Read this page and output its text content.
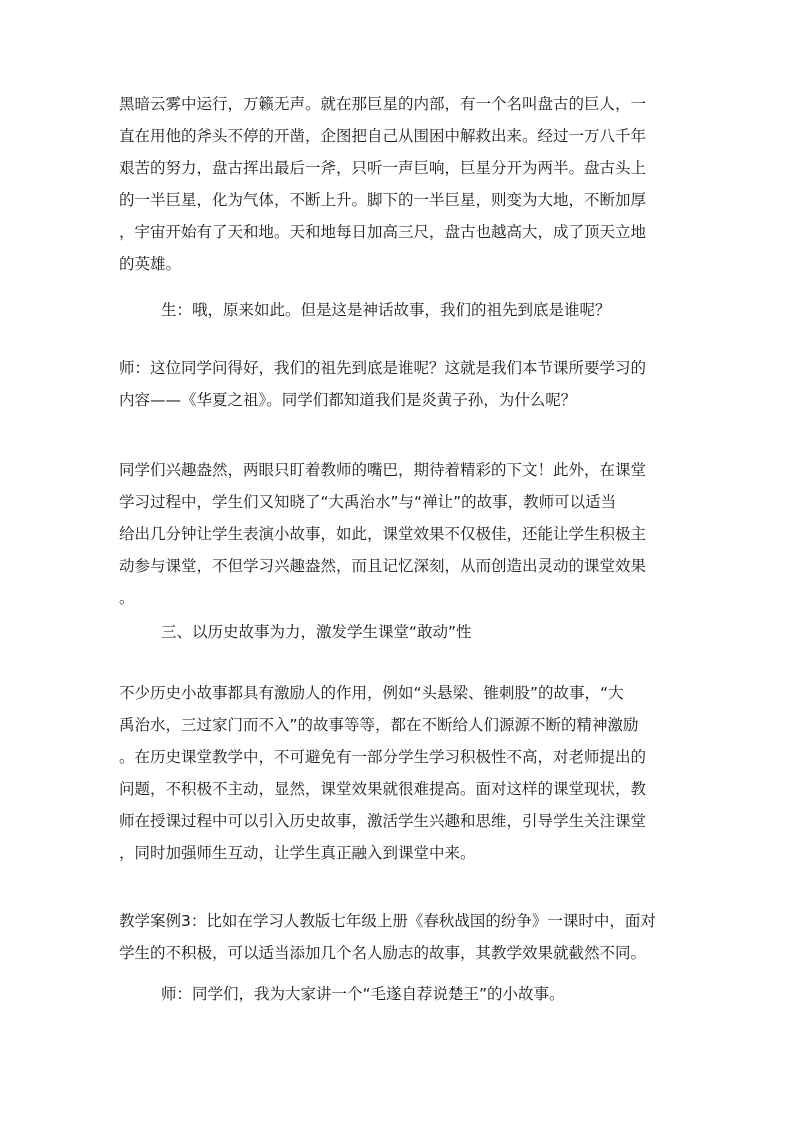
黑暗云雾中运行，万籁无声。就在那巨星的内部，有一个名叫盘古的巨人，一
直在用他的斧头不停的开凿，企图把自己从围困中解救出来。经过一万八千年
艰苦的努力，盘古挥出最后一斧，只听一声巨响，巨星分开为两半。盘古头上
的一半巨星，化为气体，不断上升。脚下的一半巨星，则变为大地，不断加厚
，宇宙开始有了天和地。天和地每日加高三尺，盘古也越高大，成了顶天立地
的英雄。
生：哦，原来如此。但是这是神话故事，我们的祖先到底是谁呢？
师：这位同学问得好，我们的祖先到底是谁呢？这就是我们本节课所要学习的
内容——《华夏之祖》。同学们都知道我们是炎黄子孙，为什么呢？
同学们兴趣盎然，两眼只盯着教师的嘴巴，期待着精彩的下文！此外，在课堂
学习过程中，学生们又知晓了“大禹治水”与“禅让”的故事，教师可以适当
给出几分钟让学生表演小故事，如此，课堂效果不仅极佳，还能让学生积极主
动参与课堂，不但学习兴趣盎然，而且记忆深刻，从而创造出灵动的课堂效果
。
三、以历史故事为力，激发学生课堂“敢动”性
不少历史小故事都具有激励人的作用，例如“头悬梁、锥刺股”的故事，“大
禹治水，三过家门而不入”的故事等等，都在不断给人们源源不断的精神激励
。在历史课堂教学中，不可避免有一部分学生学习积极性不高，对老师提出的
问题，不积极不主动，显然，课堂效果就很难提高。面对这样的课堂现状，教
师在授课过程中可以引入历史故事，激活学生兴趣和思维，引导学生关注课堂
，同时加强师生互动，让学生真正融入到课堂中来。
教学案例3：比如在学习人教版七年级上册《春秋战国的纷争》一课时中，面对
学生的不积极，可以适当添加几个名人励志的故事，其教学效果就截然不同。
师：同学们，我为大家讲一个“毛遂自荐说楚王”的小故事。
